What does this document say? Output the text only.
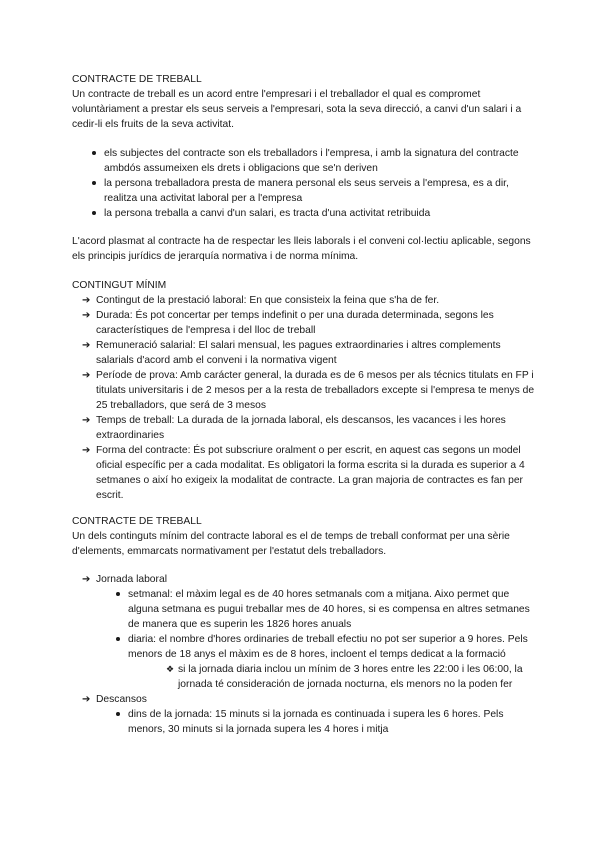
CONTRACTE DE TREBALL

Un contracte de treball es un acord entre l'empresari i el treballador el qual es compromet voluntàriament a prestar els seus serveis a l'empresari, sota la seva direcció, a canvi d'un salari i a cedir-li els fruits de la seva activitat.

els subjectes del contracte son els treballadors i l'empresa, i amb la signatura del contracte ambdós assumeixen els drets i obligacions que se'n deriven
la persona treballadora presta de manera personal els seus serveis a l'empresa, es a dir, realitza una activitat laboral per a l'empresa
la persona treballa a canvi d'un salari, es tracta d'una activitat retribuida

L'acord plasmat al contracte ha de respectar les lleis laborals i el conveni col·lectiu aplicable, segons els principis jurídics de jerarquía normativa i de norma mínima.

CONTINGUT MÍNIM
➔ Contingut de la prestació laboral: En que consisteix la feina que s'ha de fer.
➔ Durada: És pot concertar per temps indefinit o per una durada determinada, segons les característiques de l'empresa i del lloc de treball
➔ Remuneració salarial: El salari mensual, les pagues extraordinaries i altres complements salarials d'acord amb el conveni i la normativa vigent
➔ Període de prova: Amb carácter general, la durada es de 6 mesos per als técnics titulats en FP i titulats universitaris i de 2 mesos per a la resta de treballadors excepte si l'empresa te menys de 25 treballadors, que será de 3 mesos
➔ Temps de treball: La durada de la jornada laboral, els descansos, les vacances i les hores extraordinaries
➔ Forma del contracte: És pot subscriure oralment o per escrit, en aquest cas segons un model oficial específic per a cada modalitat. Es obligatori la forma escrita si la durada es superior a 4 setmanes o així ho exigeix la modalitat de contracte. La gran majoria de contractes es fan per escrit.
CONTRACTE DE TREBALL

Un dels continguts mínim del contracte laboral es el de temps de treball conformat per una sèrie d'elements, emmarcats normativament per l'estatut dels treballadors.

➔ Jornada laboral
setmanal: el màxim legal es de 40 hores setmanals com a mitjana. Aixo permet que alguna setmana es pugui treballar mes de 40 hores, si es compensa en altres setmanes de manera que es superin les 1826 hores anuals
diaria: el nombre d'hores ordinaries de treball efectiu no pot ser superior a 9 hores. Pels menors de 18 anys el màxim es de 8 hores, incloent el temps dedicat a la formació
❖ si la jornada diaria inclou un mínim de 3 hores entre les 22:00 i les 06:00, la jornada té consideración de jornada nocturna, els menors no la poden fer
➔ Descansos
dins de la jornada: 15 minuts si la jornada es continuada i supera les 6 hores. Pels menors, 30 minuts si la jornada supera les 4 hores i mitja
